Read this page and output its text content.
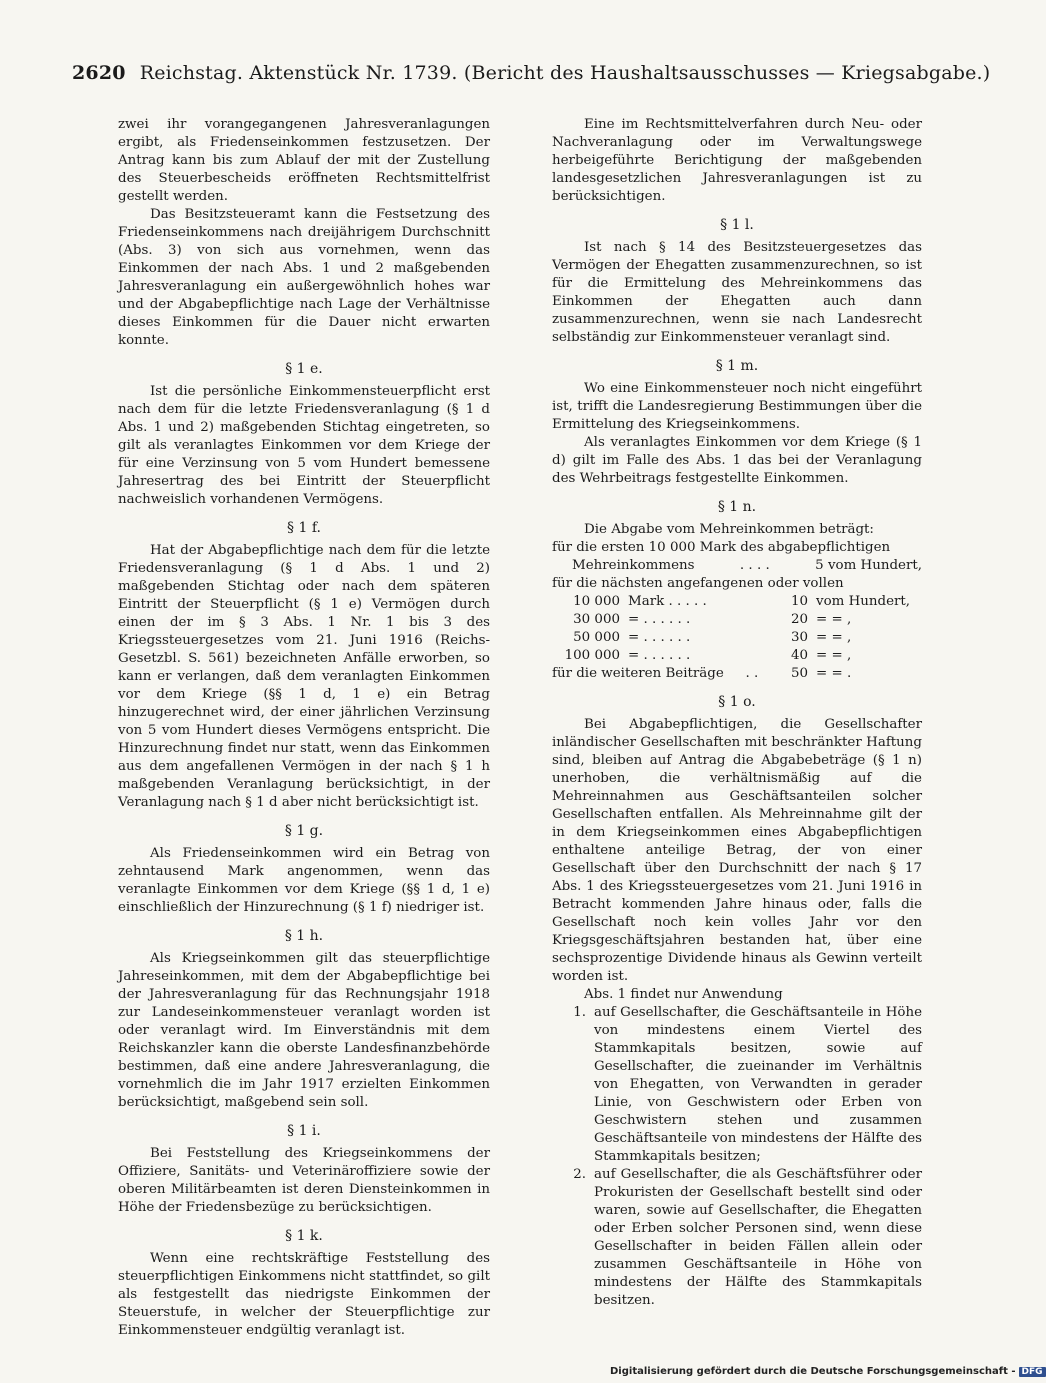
2620 Reichstag. Aktenstück Nr. 1739. (Bericht des Haushaltsausschusses — Kriegsabgabe.)

zwei ihr vorangegangenen Jahresveranlagungen ergibt, als Friedenseinkommen festzusetzen. Der Antrag kann bis zum Ablauf der mit der Zustellung des Steuerbescheids eröffneten Rechtsmittelfrist gestellt werden.

Das Besitzsteueramt kann die Festsetzung des Friedenseinkommens nach dreijährigem Durchschnitt (Abs. 3) von sich aus vornehmen, wenn das Einkommen der nach Abs. 1 und 2 maßgebenden Jahresveranlagung ein außergewöhnlich hohes war und der Abgabepflichtige nach Lage der Verhältnisse dieses Einkommen für die Dauer nicht erwarten konnte.

§ 1 e.

Ist die persönliche Einkommensteuerpflicht erst nach dem für die letzte Friedensveranlagung (§ 1 d Abs. 1 und 2) maßgebenden Stichtag eingetreten, so gilt als veranlagtes Einkommen vor dem Kriege der für eine Verzinsung von 5 vom Hundert bemessene Jahresertrag des bei Eintritt der Steuerpflicht nachweislich vorhandenen Vermögens.

§ 1 f.

Hat der Abgabepflichtige nach dem für die letzte Friedensveranlagung (§ 1 d Abs. 1 und 2) maßgebenden Stichtag oder nach dem späteren Eintritt der Steuerpflicht (§ 1 e) Vermögen durch einen der im § 3 Abs. 1 Nr. 1 bis 3 des Kriegssteuergesetzes vom 21. Juni 1916 (Reichs-Gesetzbl. S. 561) bezeichneten Anfälle erworben, so kann er verlangen, daß dem veranlagten Einkommen vor dem Kriege (§§ 1 d, 1 e) ein Betrag hinzugerechnet wird, der einer jährlichen Verzinsung von 5 vom Hundert dieses Vermögens entspricht. Die Hinzurechnung findet nur statt, wenn das Einkommen aus dem angefallenen Vermögen in der nach § 1 h maßgebenden Veranlagung berücksichtigt, in der Veranlagung nach § 1 d aber nicht berücksichtigt ist.

§ 1 g.

Als Friedenseinkommen wird ein Betrag von zehntausend Mark angenommen, wenn das veranlagte Einkommen vor dem Kriege (§§ 1 d, 1 e) einschließlich der Hinzurechnung (§ 1 f) niedriger ist.

§ 1 h.

Als Kriegseinkommen gilt das steuerpflichtige Jahreseinkommen, mit dem der Abgabepflichtige bei der Jahresveranlagung für das Rechnungsjahr 1918 zur Landeseinkommensteuer veranlagt worden ist oder veranlagt wird. Im Einverständnis mit dem Reichskanzler kann die oberste Landesfinanzbehörde bestimmen, daß eine andere Jahresveranlagung, die vornehmlich die im Jahr 1917 erzielten Einkommen berücksichtigt, maßgebend sein soll.

§ 1 i.

Bei Feststellung des Kriegseinkommens der Offiziere, Sanitäts- und Veterinäroffiziere sowie der oberen Militärbeamten ist deren Diensteinkommen in Höhe der Friedensbezüge zu berücksichtigen.

§ 1 k.

Wenn eine rechtskräftige Feststellung des steuerpflichtigen Einkommens nicht stattfindet, so gilt als festgestellt das niedrigste Einkommen der Steuerstufe, in welcher der Steuerpflichtige zur Einkommensteuer endgültig veranlagt ist.

Eine im Rechtsmittelverfahren durch Neu- oder Nachveranlagung oder im Verwaltungswege herbeigeführte Berichtigung der maßgebenden landesgesetzlichen Jahresveranlagungen ist zu berücksichtigen.

§ 1 l.

Ist nach § 14 des Besitzsteuergesetzes das Vermögen der Ehegatten zusammenzurechnen, so ist für die Ermittelung des Mehreinkommens das Einkommen der Ehegatten auch dann zusammenzurechnen, wenn sie nach Landesrecht selbständig zur Einkommensteuer veranlagt sind.

§ 1 m.

Wo eine Einkommensteuer noch nicht eingeführt ist, trifft die Landesregierung Bestimmungen über die Ermittelung des Kriegseinkommens.

Als veranlagtes Einkommen vor dem Kriege (§ 1 d) gilt im Falle des Abs. 1 das bei der Veranlagung des Wehrbeitrags festgestellte Einkommen.

§ 1 n.

Die Abgabe vom Mehreinkommen beträgt:

für die ersten 10 000 Mark des abgabepflichtigen

Mehreinkommens	. . . .	5 vom Hundert,

für die nächsten angefangenen oder vollen

10 000 Mark . . . . .	10 vom Hundert,
30 000 = . . . . . .	20 = = ,
50 000 = . . . . . .	30 = = ,
100 000 = . . . . . .	40 = = ,
für die weiteren Beiträge	. .	50 = = .
§ 1 o.

Bei Abgabepflichtigen, die Gesellschafter inländischer Gesellschaften mit beschränkter Haftung sind, bleiben auf Antrag die Abgabebeträge (§ 1 n) unerhoben, die verhältnismäßig auf die Mehreinnahmen aus Geschäftsanteilen solcher Gesellschaften entfallen. Als Mehreinnahme gilt der in dem Kriegseinkommen eines Abgabepflichtigen enthaltene anteilige Betrag, der von einer Gesellschaft über den Durchschnitt der nach § 17 Abs. 1 des Kriegssteuergesetzes vom 21. Juni 1916 in Betracht kommenden Jahre hinaus oder, falls die Gesellschaft noch kein volles Jahr vor den Kriegsgeschäftsjahren bestanden hat, über eine sechsprozentige Dividende hinaus als Gewinn verteilt worden ist.

Abs. 1 findet nur Anwendung

1. auf Gesellschafter, die Geschäftsanteile in Höhe von mindestens einem Viertel des Stammkapitals besitzen, sowie auf Gesellschafter, die zueinander im Verhältnis von Ehegatten, von Verwandten in gerader Linie, von Geschwistern oder Erben von Geschwistern stehen und zusammen Geschäftsanteile von mindestens der Hälfte des Stammkapitals besitzen;
2. auf Gesellschafter, die als Geschäftsführer oder Prokuristen der Gesellschaft bestellt sind oder waren, sowie auf Gesellschafter, die Ehegatten oder Erben solcher Personen sind, wenn diese Gesellschafter in beiden Fällen allein oder zusammen Geschäftsanteile in Höhe von mindestens der Hälfte des Stammkapitals besitzen.
Digitalisierung gefördert durch die Deutsche Forschungsgemeinschaft - DFG
